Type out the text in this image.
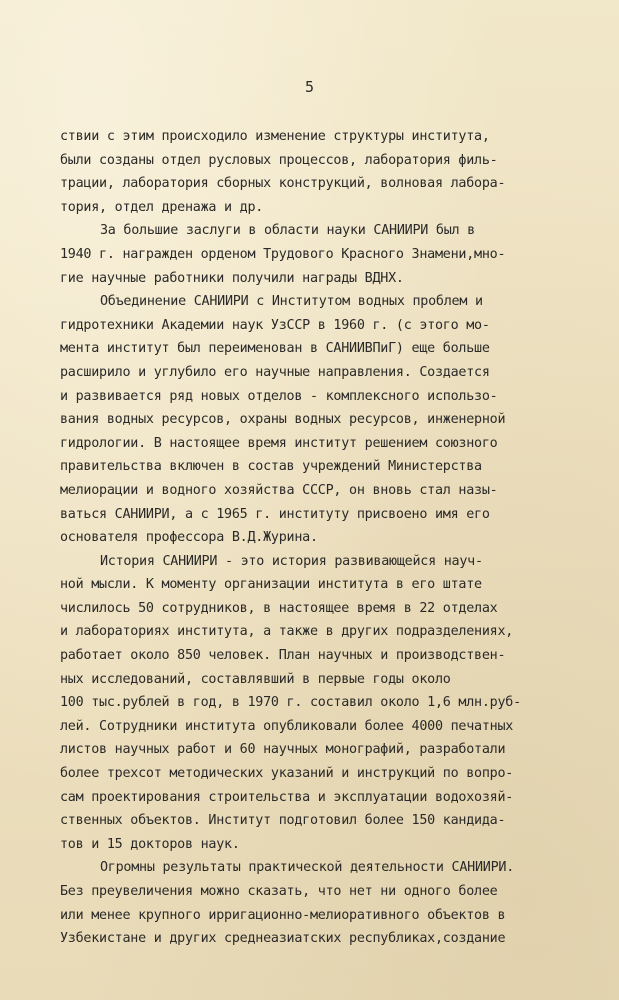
5
ствии с этим происходило изменение структуры института,
были созданы отдел русловых процессов, лаборатория филь-
трации, лаборатория сборных конструкций, волновая лабора-
тория, отдел дренажа и др.
За большие заслуги в области науки САНИИРИ был в
1940 г. награжден орденом Трудового Красного Знамени,мно-
гие научные работники получили награды ВДНХ.
Объединение САНИИРИ с Институтом водных проблем и
гидротехники Академии наук УзССР в 1960 г. (с этого мо-
мента институт был переименован в САНИИВПиГ) еще больше
расширило и углубило его научные направления. Создается
и развивается ряд новых отделов - комплексного использо-
вания водных ресурсов, охраны водных ресурсов, инженерной
гидрологии. В настоящее время институт решением союзного
правительства включен в состав учреждений Министерства
мелиорации и водного хозяйства СССР, он вновь стал назы-
ваться САНИИРИ, а с 1965 г. институту присвоено имя его
основателя профессора В.Д.Журина.
История САНИИРИ - это история развивающейся науч-
ной мысли. К моменту организации института в его штате
числилось 50 сотрудников, в настоящее время в 22 отделах
и лабораториях института, а также в других подразделениях,
работает около 850 человек. План научных и производствен-
ных исследований, составлявший в первые годы около
100 тыс.рублей в год, в 1970 г. составил около 1,6 млн.руб-
лей. Сотрудники института опубликовали более 4000 печатных
листов научных работ и 60 научных монографий, разработали
более трехсот методических указаний и инструкций по вопро-
сам проектирования строительства и эксплуатации водохозяй-
ственных объектов. Институт подготовил более 150 кандида-
тов и 15 докторов наук.
Огромны результаты практической деятельности САНИИРИ.
Без преувеличения можно сказать, что нет ни одного более
или менее крупного ирригационно-мелиоративного объектов в
Узбекистане и других среднеазиатских республиках,создание
